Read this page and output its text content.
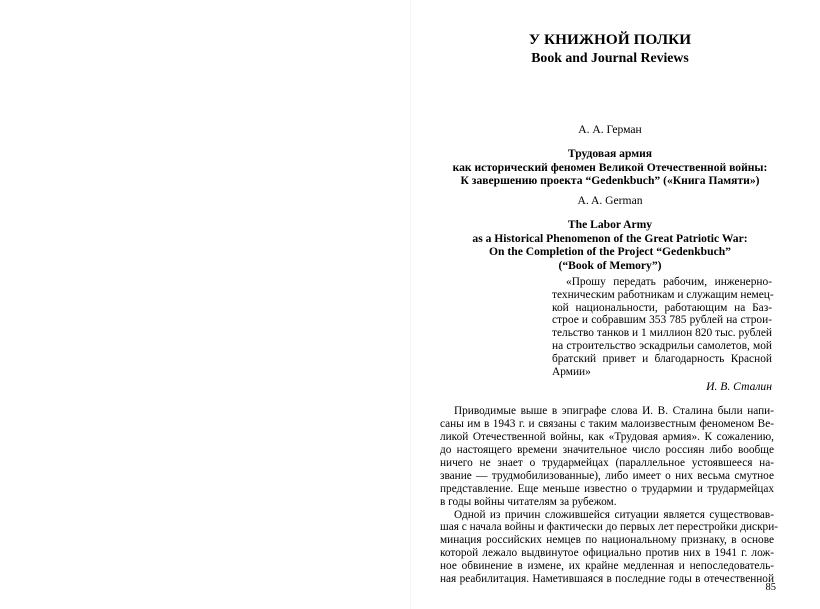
У КНИЖНОЙ ПОЛКИ
Book and Journal Reviews
А. А. Герман
Трудовая армия
как исторический феномен Великой Отечественной войны:
К завершению проекта “Gedenkbuch” («Книга Памяти»)
A. A. German
The Labor Army
as a Historical Phenomenon of the Great Patriotic War:
On the Completion of the Project “Gedenkbuch”
(“Book of Memory”)
«Прошу передать рабочим, инженерно-
техническим работникам и служащим немец-
кой национальности, работающим на Баз-
строе и собравшим 353 785 рублей на строи-
тельство танков и 1 миллион 820 тыс. рублей
на строительство эскадрильи самолетов, мой
братский привет и благодарность Красной
Армии»
И. В. Сталин
Приводимые выше в эпиграфе слова И. В. Сталина были напи-
саны им в 1943 г. и связаны с таким малоизвестным феноменом Ве-
ликой Отечественной войны, как «Трудовая армия». К сожалению,
до настоящего времени значительное число россиян либо вообще
ничего не знает о трудармейцах (параллельное устоявшееся на-
звание — трудмобилизованные), либо имеет о них весьма смутное
представление. Еще меньше известно о трудармии и трудармейцах
в годы войны читателям за рубежом.
Одной из причин сложившейся ситуации является существовав-
шая с начала войны и фактически до первых лет перестройки дискри-
минация российских немцев по национальному признаку, в основе
которой лежало выдвинутое официально против них в 1941 г. лож-
ное обвинение в измене, их крайне медленная и непоследователь-
ная реабилитация. Наметившаяся в последние годы в отечественной
85
